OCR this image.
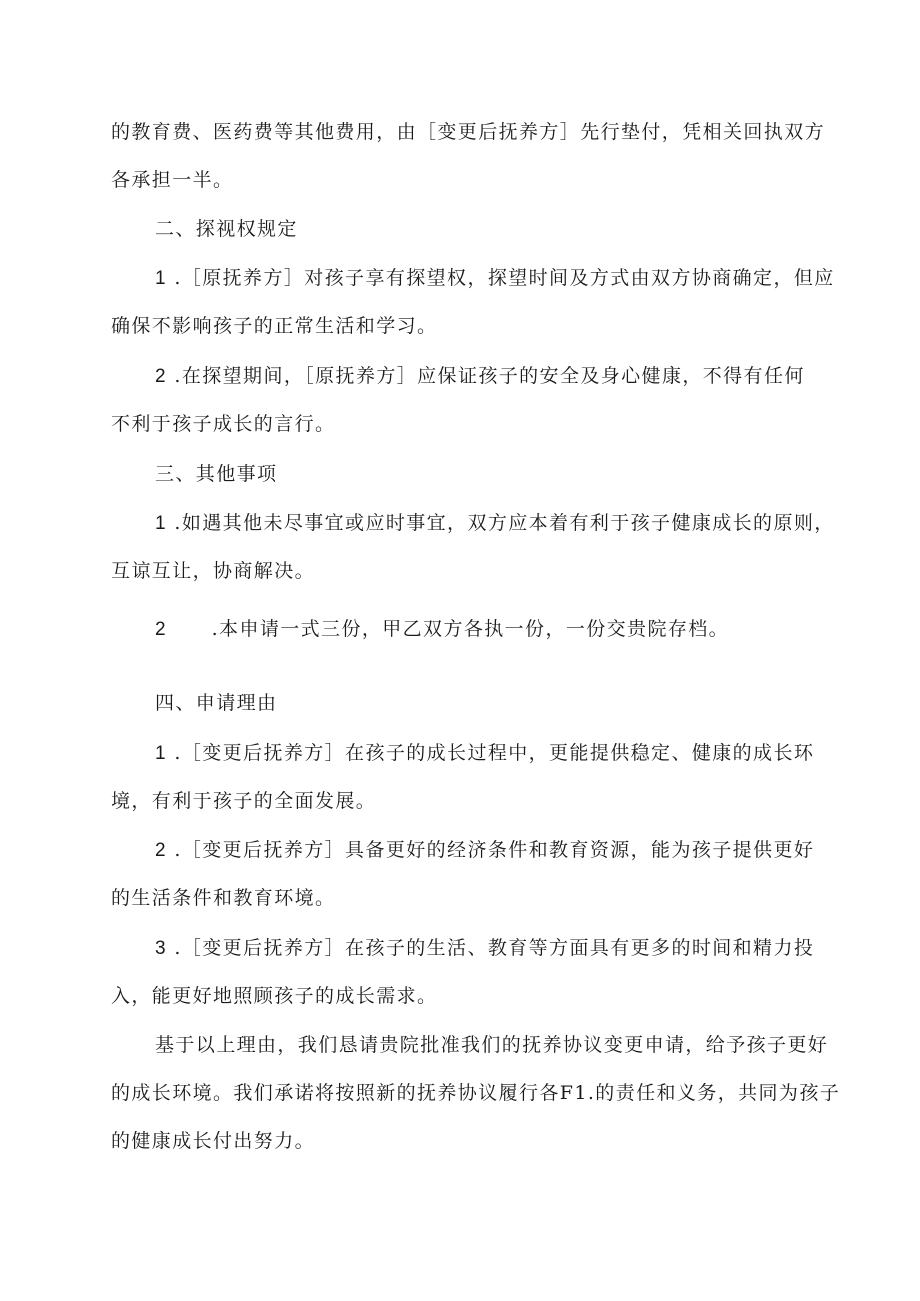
的教育费、医药费等其他费用，由［变更后抚养方］先行垫付，凭相关回执双方
各承担一半。
二、探视权规定
1 .［原抚养方］对孩子享有探望权，探望时间及方式由双方协商确定，但应
确保不影响孩子的正常生活和学习。
2 .在探望期间，［原抚养方］应保证孩子的安全及身心健康，不得有任何
不利于孩子成长的言行。
三、其他事项
1 .如遇其他未尽事宜或应时事宜，双方应本着有利于孩子健康成长的原则，
互谅互让，协商解决。
2      .本申请一式三份，甲乙双方各执一份，一份交贵院存档。
四、申请理由
1 .［变更后抚养方］在孩子的成长过程中，更能提供稳定、健康的成长环
境，有利于孩子的全面发展。
2 .［变更后抚养方］具备更好的经济条件和教育资源，能为孩子提供更好
的生活条件和教育环境。
3 .［变更后抚养方］在孩子的生活、教育等方面具有更多的时间和精力投
入，能更好地照顾孩子的成长需求。
基于以上理由，我们恳请贵院批准我们的抚养协议变更申请，给予孩子更好
的成长环境。我们承诺将按照新的抚养协议履行各F1.的责任和义务，共同为孩子
的健康成长付出努力。
